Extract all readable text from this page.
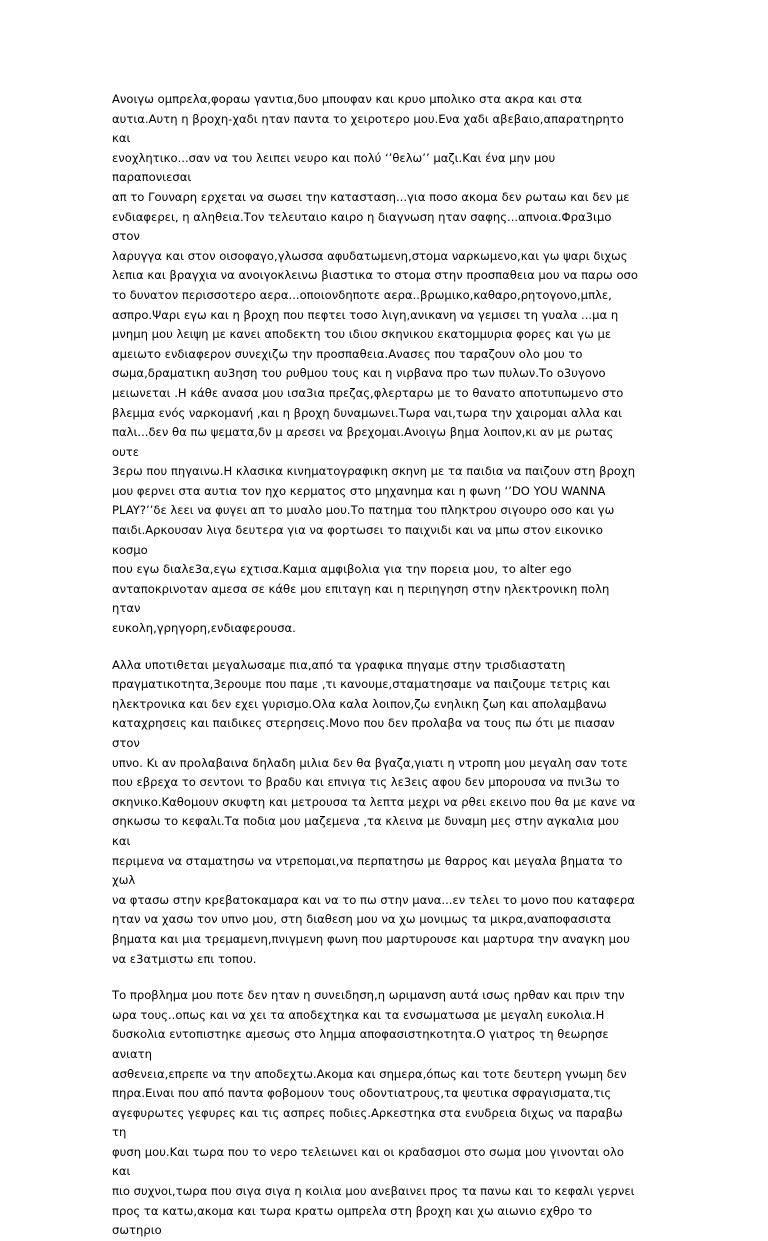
Ανοιγω ομπρελα,φοραω γαντια,δυο μπουφαν και κρυο μπολικο στα ακρα και στα
αυτια.Αυτη η βροχη-χαδι ηταν παντα το χειροτερο μου.Ενα χαδι αβεβαιο,απαρατηρητο και
ενοχλητικο...σαν να του λειπει νευρο και πολύ ‘’θελω’’ μαζι.Και ένα μην μου παραπονιεσαι
απ το Γουναρη ερχεται να σωσει την κατασταση...για ποσο ακομα δεν ρωταω και δεν με
ενδιαφερει, η αληθεια.Τον τελευταιο καιρο η διαγνωση ηταν σαφης...απνοια.Φρα3ιμο στον
λαρυγγα και στον οισοφαγο,γλωσσα αφυδατωμενη,στομα ναρκωμενο,και γω ψαρι διχως
λεπια και βραγχια να ανοιγοκλεινω βιαστικα το στομα στην προσπαθεια μου να παρω οσο
το δυνατον περισσοτερο αερα...οποιονδηποτε αερα..βρωμικο,καθαρο,ρητογονο,μπλε,
ασπρο.Ψαρι εγω και η βροχη που πεφτει τοσο λιγη,ανικανη να γεμισει τη γυαλα ...μα η
μνημη μου λειψη με κανει αποδεκτη του ιδιου σκηνικου εκατομμυρια φορες και γω με
αμειωτο ενδιαφερον συνεχιζω την προσπαθεια.Ανασες που ταραζουν ολο μου το
σωμα,δραματικη αυ3ηση του ρυθμου τους και η νιρβανα προ των πυλων.Το ο3υγονο
μειωνεται .Η κάθε ανασα μου ισα3ια πρεζας,φλερταρω με το θανατο αποτυπωμενο στο
βλεμμα ενός ναρκομανή ,και η βροχη δυναμωνει.Τωρα ναι,τωρα την χαιρομαι αλλα και
παλι...δεν θα πω ψεματα,δν μ αρεσει να βρεχομαι.Ανοιγω βημα λοιπον,κι αν με ρωτας ουτε
3ερω που πηγαινω.Η κλασικα κινηματογραφικη σκηνη με τα παιδια να παιζουν στη βροχη
μου φερνει στα αυτια τον ηχο κερματος στο μηχανημα και η φωνη ‘’DO YOU WANNA
PLAY?’’δε λεει να φυγει απ το μυαλο μου.Το πατημα του πληκτρου σιγουρο οσο και γω
παιδι.Αρκουσαν λιγα δευτερα για να φορτωσει το παιχνιδι και να μπω στον εικονικο κοσμο
που εγω διαλε3α,εγω εχτισα.Καμια αμφιβολια για την πορεια μου, το alter ego
ανταποκρινοταν αμεσα σε κάθε μου επιταγη και η περιηγηση στην ηλεκτρονικη πολη ηταν
ευκολη,γρηγορη,ενδιαφερουσα.

Αλλα υποτιθεται μεγαλωσαμε πια,από τα γραφικα πηγαμε στην τρισδιαστατη
πραγματικοτητα,3ερουμε που παμε ,τι κανουμε,σταματησαμε να παιζουμε τετρις και
ηλεκτρονικα και δεν εχει γυρισμο.Ολα καλα λοιπον,ζω ενηλικη ζωη και απολαμβανω
καταχρησεις και παιδικες στερησεις.Μονο που δεν προλαβα να τους πω ότι με πιασαν στον
υπνο. Κι αν προλαβαινα δηλαδη μιλια δεν θα βγαζα,γιατι η ντροπη μου μεγαλη σαν τοτε
που εβρεχα το σεντονι το βραδυ και επνιγα τις λε3εις αφου δεν μπορουσα να πνι3ω το
σκηνικο.Καθομουν σκυφτη και μετρουσα τα λεπτα μεχρι να ρθει εκεινο που θα με κανε να
σηκωσω το κεφαλι.Τα ποδια μου μαζεμενα ,τα κλεινα με δυναμη μες στην αγκαλια μου και
περιμενα να σταματησω να ντρεπομαι,να περπατησω με θαρρος και μεγαλα βηματα το χωλ
να φτασω στην κρεβατοκαμαρα και να το πω στην μανα...εν τελει το μονο που καταφερα
ηταν να χασω τον υπνο μου, στη διαθεση μου να χω μονιμως τα μικρα,αναποφασιστα
βηματα και μια τρεμαμενη,πνιγμενη φωνη που μαρτυρουσε και μαρτυρα την αναγκη μου
να ε3ατμιστω επι τοπου.

Το προβλημα μου ποτε δεν ηταν η συνειδηση,η ωριμανση αυτά ισως ηρθαν και πριν την
ωρα τους..οπως και να χει τα αποδεχτηκα και τα ενσωματωσα με μεγαλη ευκολια.Η
δυσκολια εντοπιστηκε αμεσως στο λημμα αποφασιστηκοτητα.Ο γιατρος τη θεωρησε ανιατη
ασθενεια,επρεπε να την αποδεχτω.Ακομα και σημερα,όπως και τοτε δευτερη γνωμη δεν
πηρα.Ειναι που από παντα φοβομουν τους οδοντιατρους,τα ψευτικα σφραγισματα,τις
αγεφυρωτες γεφυρες και τις ασπρες ποδιες.Αρκεστηκα στα ενυδρεια διχως να παραβω τη
φυση μου.Και τωρα που το νερο τελειωνει και οι κραδασμοι στο σωμα μου γινονται ολο και
πιο συχνοι,τωρα που σιγα σιγα η κοιλια μου ανεβαινει προς τα πανω και το κεφαλι γερνει
προς τα κατω,ακομα και τωρα κρατω ομπρελα στη βροχη και χω αιωνιο εχθρο το σωτηριο
